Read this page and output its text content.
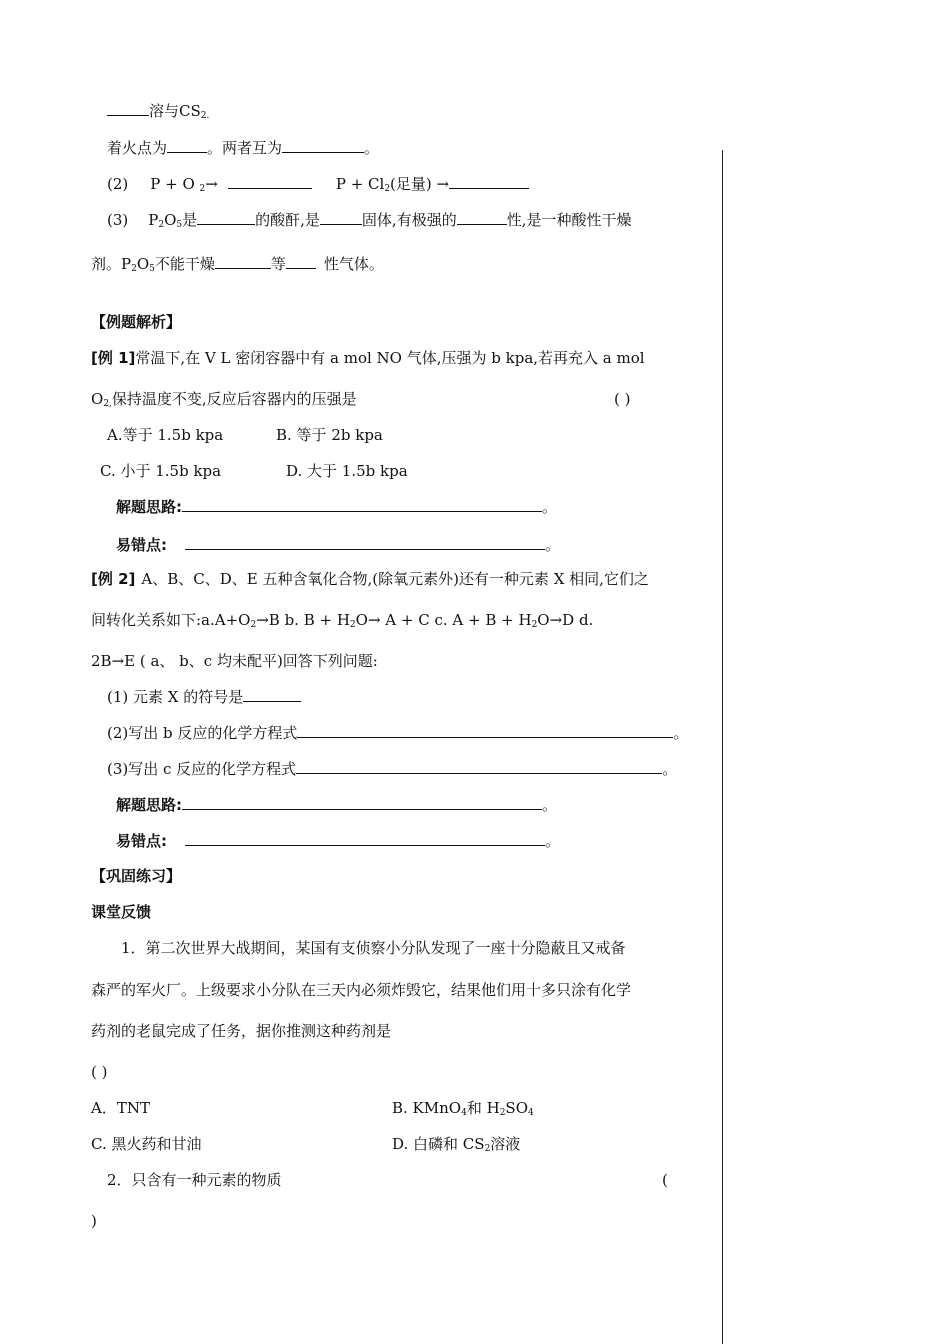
溶与$CS_{2.}$
着火点为	。两者互为	。
(2) P + O $_2$→	$P + Cl_2$(足量) →
(3) $P_2O_5$是	的酸酐,是	固体,有极强的	性,是一种酸性干燥
剂。$P_2O_5$不能干燥	等	性气体。
【例题解析】
[例 1]常温下,在 V L 密闭容器中有 a mol NO 气体,压强为 b kpa,若再充入 a mol
$O_{2,}$保持温度不变,反应后容器内的压强是	( )
A.等于 1.5b kpa	B. 等于 2b kpa
C. 小于 1.5b kpa	D. 大于 1.5b kpa
解题思路:	。
易错点:	。
[例 2] A、B、C、D、E 五种含氧化合物,(除氧元素外)还有一种元素 X 相同,它们之
间转化关系如下$:a.A+O_2\to B$ b. $B + H_2O\to A + C$ c. $A + B + H_2O\to D$ d.
2B→E ( a、 b、c 均未配平)回答下列问题:
(1) 元素 X 的符号是
(2)写出 b 反应的化学方程式	。
(3)写出 c 反应的化学方程式	。
解题思路:	。
易错点:	。
【巩固练习】
课堂反馈
1．第二次世界大战期间，某国有支侦察小分队发现了一座十分隐蔽且又戒备
森严的军火厂。上级要求小分队在三天内必须炸毁它，结果他们用十多只涂有化学
药剂的老鼠完成了任务，据你推测这种药剂是
( )
A．TNT	B. KMnO$_4$和 $H_2SO_4$
C. 黑火药和甘油	D. 白磷和 $CS_2$溶液
2．只含有一种元素的物质	(
)
